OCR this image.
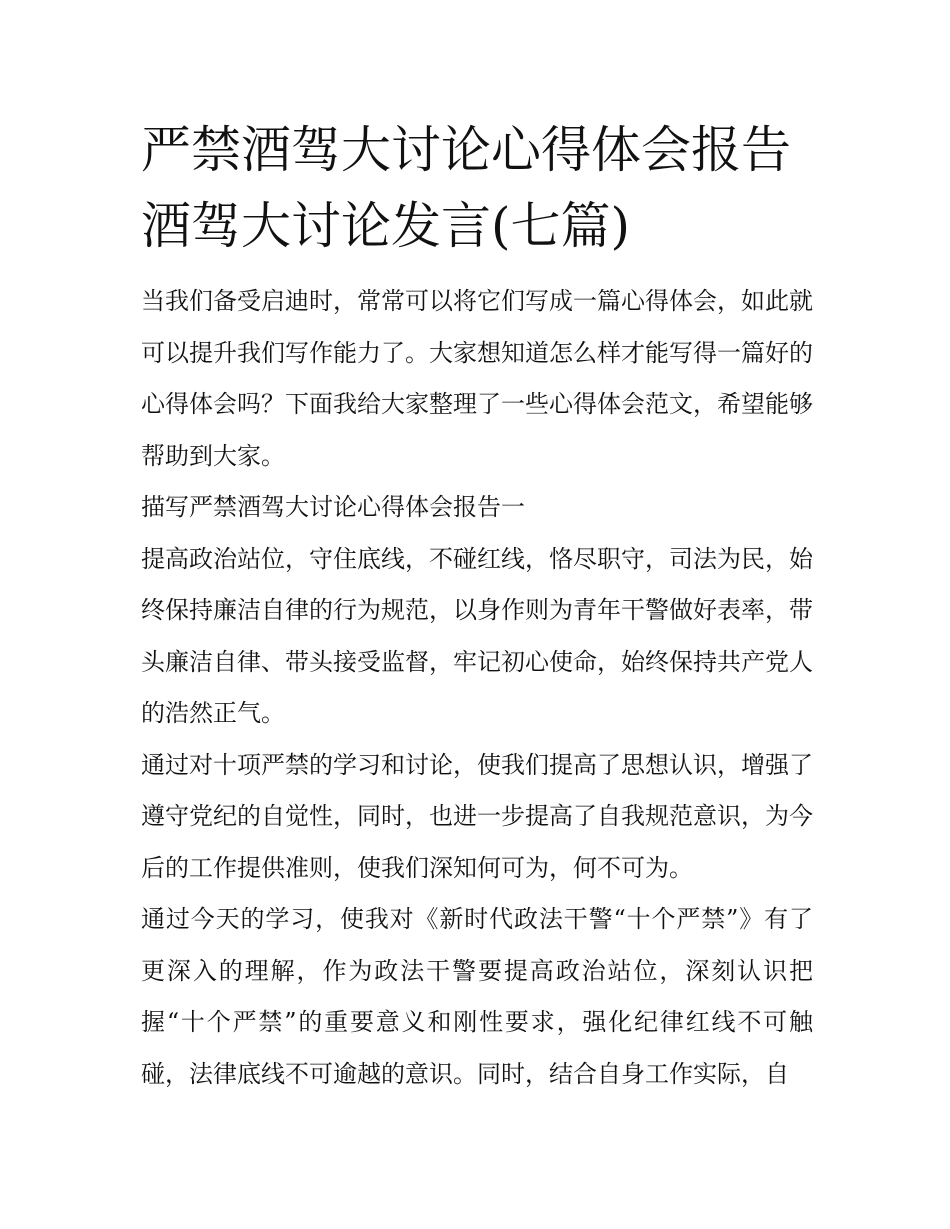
严禁酒驾大讨论心得体会报告
酒驾大讨论发言(七篇)

当我们备受启迪时，常常可以将它们写成一篇心得体会，如此就可以提升我们写作能力了。大家想知道怎么样才能写得一篇好的心得体会吗？下面我给大家整理了一些心得体会范文，希望能够帮助到大家。

描写严禁酒驾大讨论心得体会报告一

提高政治站位，守住底线，不碰红线，恪尽职守，司法为民，始终保持廉洁自律的行为规范，以身作则为青年干警做好表率，带头廉洁自律、带头接受监督，牢记初心使命，始终保持共产党人的浩然正气。

通过对十项严禁的学习和讨论，使我们提高了思想认识，增强了遵守党纪的自觉性，同时，也进一步提高了自我规范意识，为今后的工作提供准则，使我们深知何可为，何不可为。

通过今天的学习，使我对《新时代政法干警“十个严禁”》有了更深入的理解，作为政法干警要提高政治站位，深刻认识把握“十个严禁”的重要意义和刚性要求，强化纪律红线不可触碰，法律底线不可逾越的意识。同时，结合自身工作实际，自
